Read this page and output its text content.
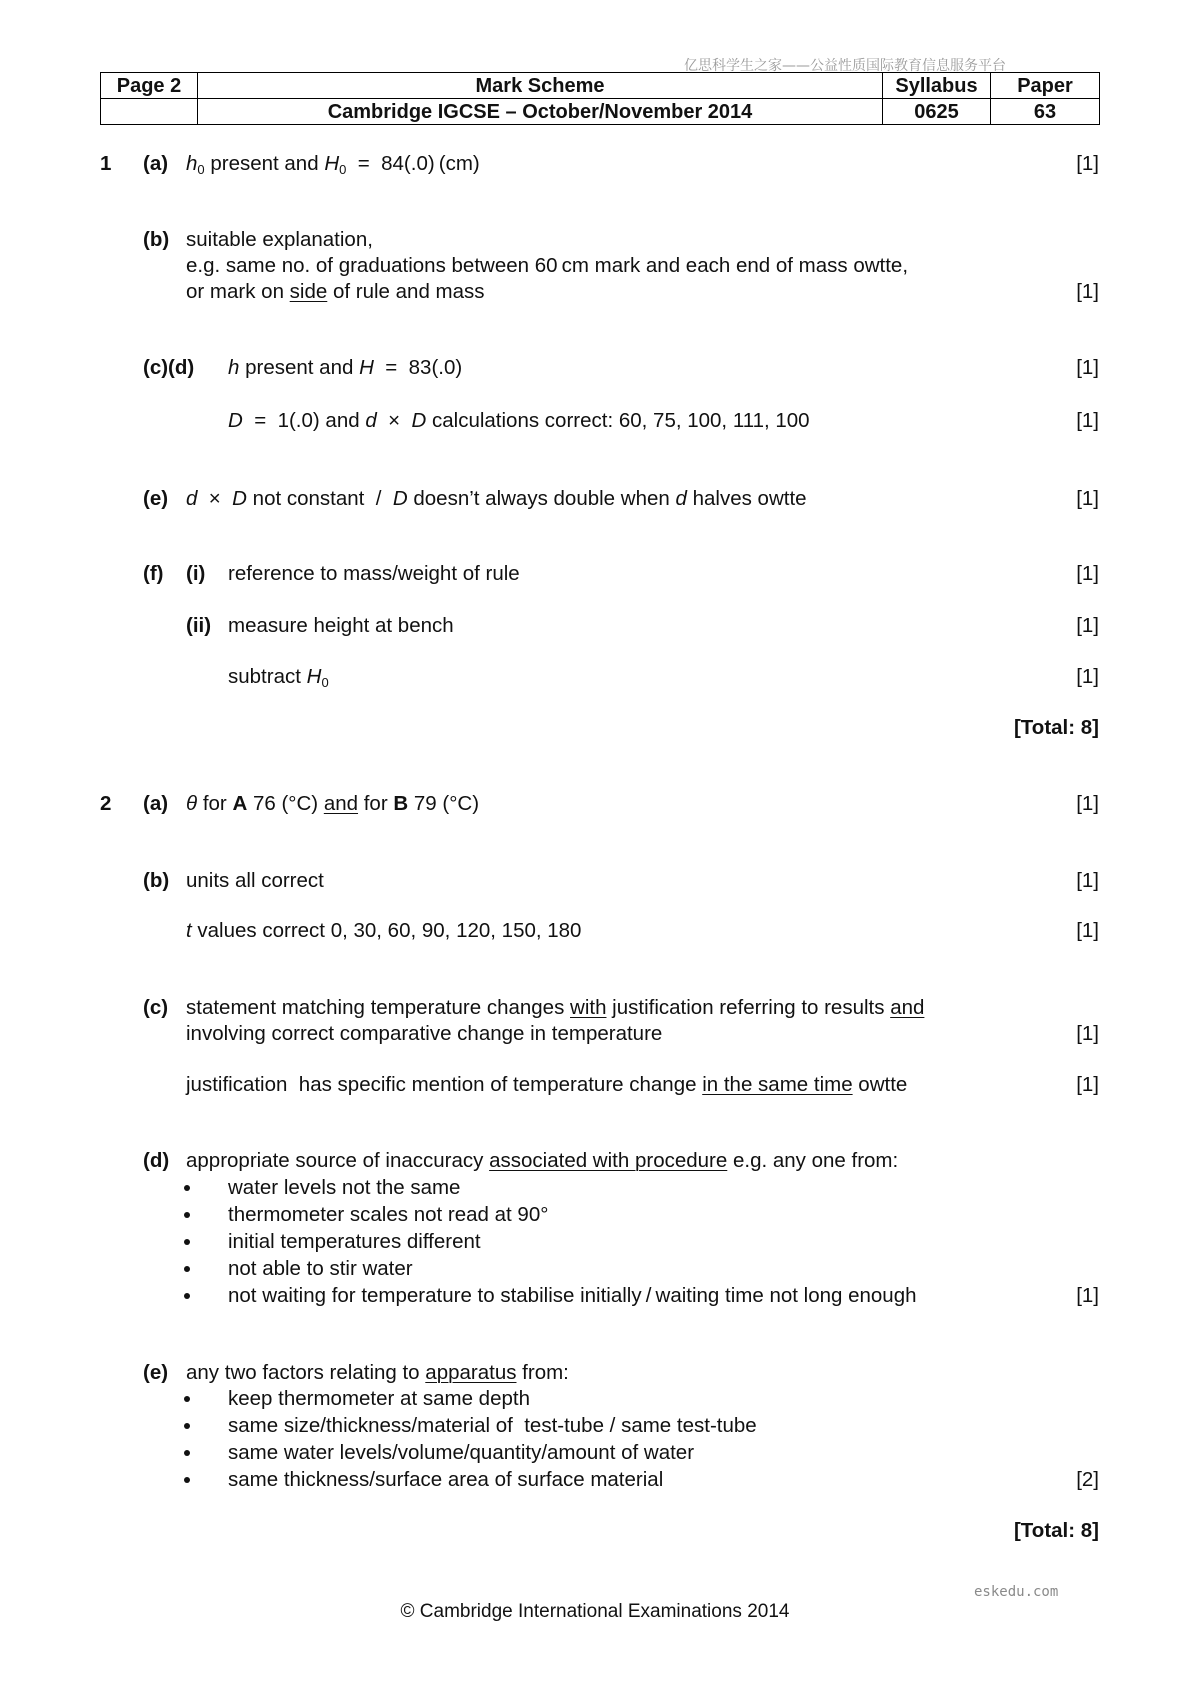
亿思科学生之家——公益性质国际教育信息服务平台
Page 2	Mark Scheme	Syllabus	Paper
	Cambridge IGCSE – October/November 2014	0625	63
1 (a) h0 present and H0  =  84(.0) (cm)	[1]
(b) suitable explanation,
e.g. same no. of graduations between 60 cm mark and each end of mass owtte,
or mark on side of rule and mass	[1]
(c)(d) h present and H  =  83(.0)	[1]
D  =  1(.0) and d  ×  D calculations correct: 60, 75, 100, 111, 100	[1]
(e) d  ×  D not constant  /  D doesn’t always double when d halves owtte	[1]
(f) (i) reference to mass/weight of rule	[1]
(ii) measure height at bench	[1]
subtract H0	[1]
[Total: 8]
2 (a) θ for A 76 (°C) and for B 79 (°C)	[1]
(b) units all correct	[1]
t values correct 0, 30, 60, 90, 120, 150, 180	[1]
(c) statement matching temperature changes with justification referring to results and
involving correct comparative change in temperature	[1]
justification  has specific mention of temperature change in the same time owtte	[1]
(d) appropriate source of inaccuracy associated with procedure e.g. any one from:
water levels not the same
thermometer scales not read at 90°
initial temperatures different
not able to stir water
not waiting for temperature to stabilise initially / waiting time not long enough	[1]
(e) any two factors relating to apparatus from:
keep thermometer at same depth
same size/thickness/material of  test-tube / same test-tube
same water levels/volume/quantity/amount of water
same thickness/surface area of surface material	[2]
[Total: 8]
eskedu.com
© Cambridge International Examinations 2014
